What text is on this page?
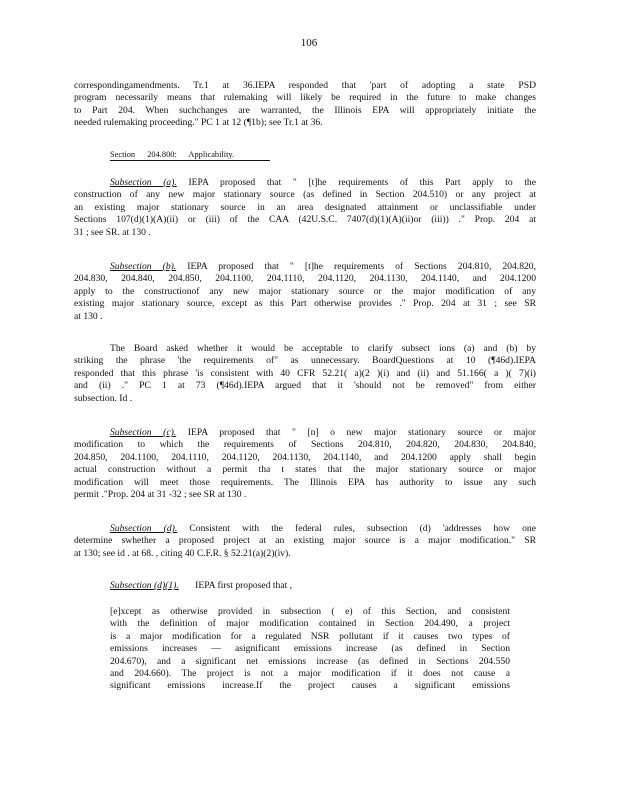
106
correspondingamendments. Tr.1 at 36.IEPA responded that 'part of adopting a state PSD
program necessarily means that rulemaking will likely be required in the future to make changes
to Part 204. When suchchanges are warranted, the Illinois EPA will appropriately initiate the
needed rulemaking proceeding." PC 1 at 12 (¶1b); see Tr.1 at 36.
Section 204.800: Applicability.
Subsection (a). IEPA proposed that " [t]he requirements of this Part apply to the
construction of any new major stationary source (as defined in Section 204.510) or any project at
an existing major stationary source in an area designated attainment or unclassifiable under
Sections 107(d)(1)(A)(ii) or (iii) of the CAA (42U.S.C. 7407(d)(1)(A)(ii)or (iii)) ." Prop. 204 at
31 ; see SR. at 130 .
Subsection (b). IEPA proposed that " [t]he requirements of Sections 204.810, 204.820,
204.830, 204.840, 204.850, 204.1100, 204.1110, 204.1120, 204.1130, 204.1140, and 204.1200
apply to the constructionof any new major stationary source or the major modification of any
existing major stationary source, except as this Part otherwise provides ." Prop. 204 at 31 ; see SR
at 130 .
The Board asked whether it would be acceptable to clarify subsect ions (a) and (b) by
striking the phrase 'the requirements of" as unnecessary. BoardQuestions at 10 (¶46d).IEPA
responded that this phrase 'is consistent with 40 CFR 52.21( a)(2 )(i) and (ii) and 51.166( a )( 7)(i)
and (ii) ." PC 1 at 73 (¶46d).IEPA argued that it 'should not be removed" from either
subsection. Id .
Subsection (c). IEPA proposed that " [n] o new major stationary source or major
modification to which the requirements of Sections 204.810, 204.820, 204.830, 204.840,
204.850, 204.1100, 204.1110, 204.1120, 204.1130, 204.1140, and 204.1200 apply shall begin
actual construction without a permit tha t states that the major stationary source or major
modification will meet those requirements. The Illinois EPA has authority to issue any such
permit ."Prop. 204 at 31 -32 ; see SR at 130 .
Subsection (d). Consistent with the federal rules, subsection (d) 'addresses how one
determine swhether a proposed project at an existing major source is a major modification." SR
at 130; see id . at 68. , citing 40 C.F.R. § 52.21(a)(2)(iv).
Subsection (d)(1). IEPA first proposed that ,
[e]xcept as otherwise provided in subsection ( e) of this Section, and consistent
with the definition of major modification contained in Section 204.490, a project
is a major modification for a regulated NSR pollutant if it causes two types of
emissions increases — asignificant emissions increase (as defined in Section
204.670), and a significant net emissions increase (as defined in Sections 204.550
and 204.660). The project is not a major modification if it does not cause a
significant emissions increase.If the project causes a significant emissions
